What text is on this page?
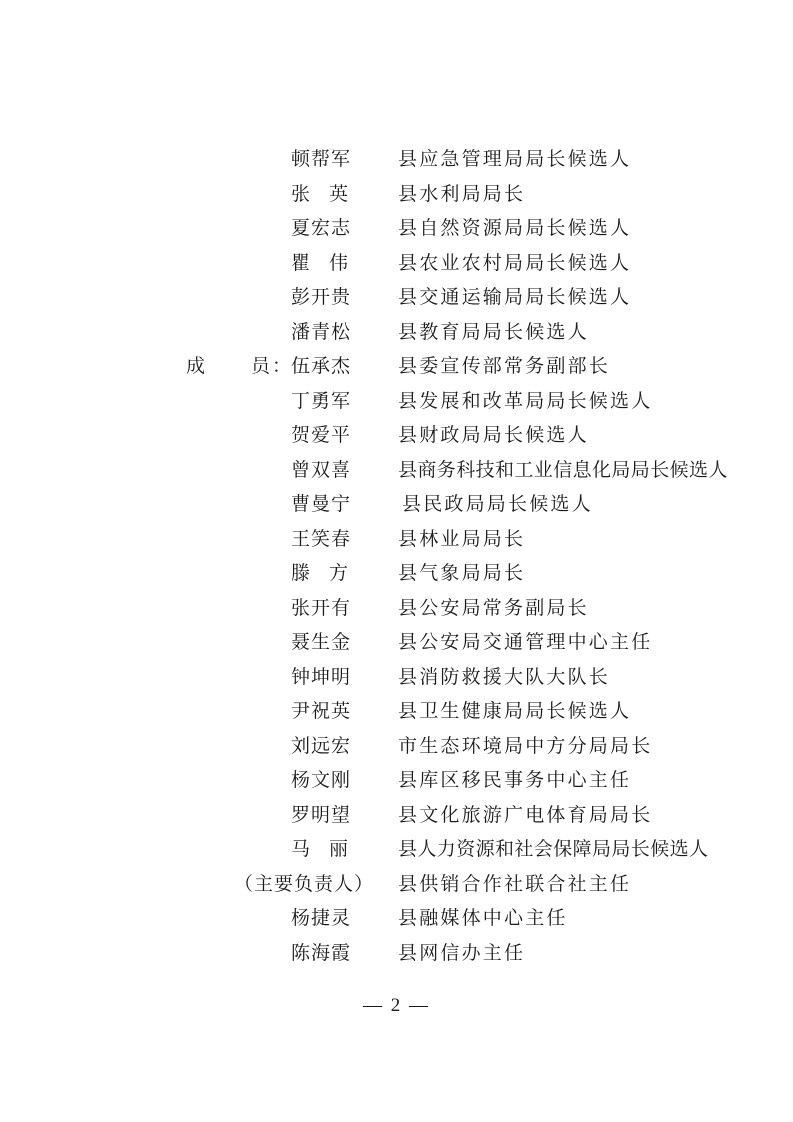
顿帮军	县应急管理局局长候选人
张　英	县水利局局长
夏宏志	县自然资源局局长候选人
瞿　伟	县农业农村局局长候选人
彭开贵	县交通运输局局长候选人
潘青松	县教育局局长候选人
成 员：
伍承杰	县委宣传部常务副部长
丁勇军	县发展和改革局局长候选人
贺爱平	县财政局局长候选人
曾双喜	县商务科技和工业信息化局局长候选人
曹曼宁	县民政局局长候选人
王笑春	县林业局局长
滕　方	县气象局局长
张开有	县公安局常务副局长
聂生金	县公安局交通管理中心主任
钟坤明	县消防救援大队大队长
尹祝英	县卫生健康局局长候选人
刘远宏	市生态环境局中方分局局长
杨文刚	县库区移民事务中心主任
罗明望	县文化旅游广电体育局局长
马　丽	县人力资源和社会保障局局长候选人
（主要负责人）	县供销合作社联合社主任
杨捷灵	县融媒体中心主任
陈海霞	县网信办主任
— 2 —
